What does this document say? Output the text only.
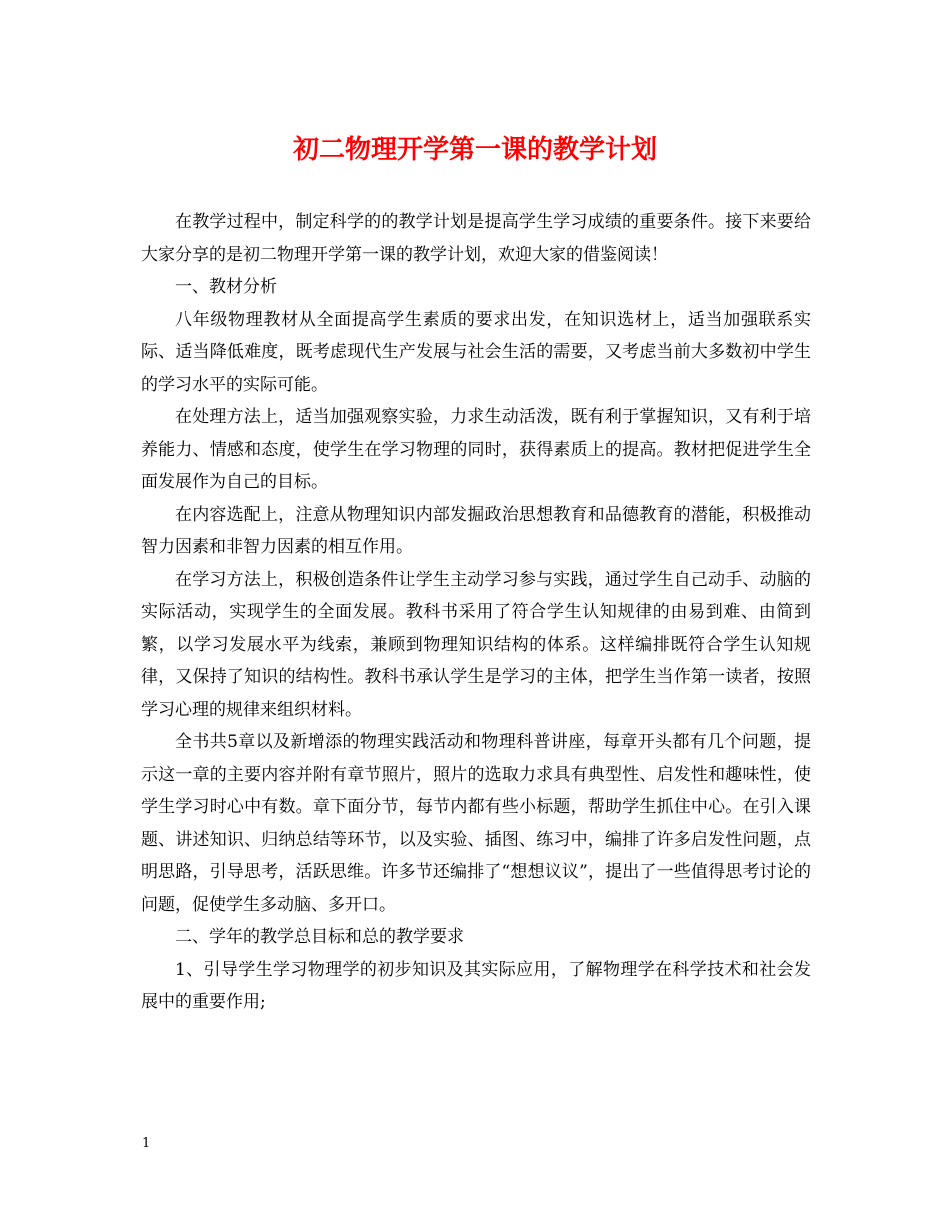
初二物理开学第一课的教学计划

在教学过程中，制定科学的的教学计划是提高学生学习成绩的重要条件。接下来要给大家分享的是初二物理开学第一课的教学计划，欢迎大家的借鉴阅读！

一、教材分析

八年级物理教材从全面提高学生素质的要求出发，在知识选材上，适当加强联系实际、适当降低难度，既考虑现代生产发展与社会生活的需要，又考虑当前大多数初中学生的学习水平的实际可能。

在处理方法上，适当加强观察实验，力求生动活泼，既有利于掌握知识，又有利于培养能力、情感和态度，使学生在学习物理的同时，获得素质上的提高。教材把促进学生全面发展作为自己的目标。

在内容选配上，注意从物理知识内部发掘政治思想教育和品德教育的潜能，积极推动智力因素和非智力因素的相互作用。

在学习方法上，积极创造条件让学生主动学习参与实践，通过学生自己动手、动脑的实际活动，实现学生的全面发展。教科书采用了符合学生认知规律的由易到难、由简到繁，以学习发展水平为线索，兼顾到物理知识结构的体系。这样编排既符合学生认知规律，又保持了知识的结构性。教科书承认学生是学习的主体，把学生当作第一读者，按照学习心理的规律来组织材料。

全书共5章以及新增添的物理实践活动和物理科普讲座，每章开头都有几个问题，提示这一章的主要内容并附有章节照片，照片的选取力求具有典型性、启发性和趣味性，使学生学习时心中有数。章下面分节，每节内都有些小标题，帮助学生抓住中心。在引入课题、讲述知识、归纳总结等环节，以及实验、插图、练习中，编排了许多启发性问题，点明思路，引导思考，活跃思维。许多节还编排了“想想议议”，提出了一些值得思考讨论的问题，促使学生多动脑、多开口。

二、学年的教学总目标和总的教学要求

1、引导学生学习物理学的初步知识及其实际应用，了解物理学在科学技术和社会发展中的重要作用;

1
